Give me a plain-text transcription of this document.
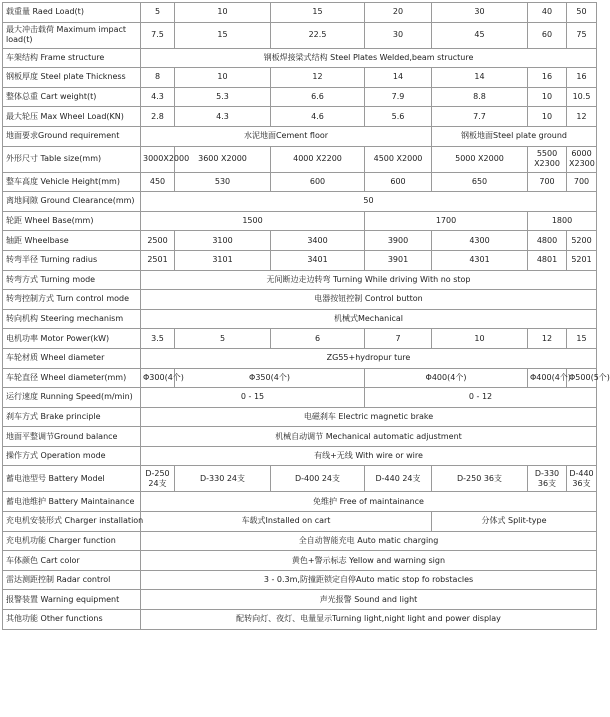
载重量 Raed Load(t)	5	10	15	20	30	40	50
最大冲击载荷 Maximum impact load(t)	7.5	15	22.5	30	45	60	75
车架结构 Frame structure	钢板焊接梁式结构 Steel Plates Welded,beam structure						
钢板厚度 Steel plate Thickness	8	10	12	14	14	16	16
整体总重 Cart weight(t)	4.3	5.3	6.6	7.9	8.8	10	10.5
最大轮压 Max Wheel Load(KN)	2.8	4.3	4.6	5.6	7.7	10	12
地面要求Ground requirement	水泥地面Cement floor				钢板地面Steel plate ground		
外形尺寸 Table size(mm)	3000X2000	3600 X2000	4000 X2200	4500 X2000	5000 X2000	5500 X2300	6000 X2300
整车高度 Vehicle Height(mm)	450	530	600	600	650	700	700
离地间隙 Ground Clearance(mm)	50						
轮距 Wheel Base(mm)	1500			1700		1800	
轴距 Wheelbase	2500	3100	3400	3900	4300	4800	5200
转弯半径 Turning radius	2501	3101	3401	3901	4301	4801	5201
转弯方式 Turning mode	无间断边走边转弯 Turning While driving With no stop						
转弯控制方式 Turn control mode	电器按钮控制 Control button						
转向机构 Steering mechanism	机械式Mechanical						
电机功率 Motor Power(kW)	3.5	5	6	7	10	12	15
车轮材质 Wheel diameter	ZG55+hydropur ture						
车轮直径 Wheel diameter(mm)	Φ300(4个)	Φ350(4个)		Φ400(4个)		Φ400(4个)	Φ500(5个)
运行速度 Running Speed(m/min)	0 - 15			0 - 12			
刹车方式 Brake principle	电磁刹车 Electric magnetic brake						
地面平整调节Ground balance	机械自动调节 Mechanical automatic adjustment						
操作方式 Operation mode	有线+无线 With wire or wire						
蓄电池型号 Battery Model	D-250 24支	D-330 24支	D-400 24支	D-440 24支	D-250 36支	D-330 36支	D-440 36支
蓄电池维护 Battery Maintainance	免维护 Free of maintainance						
充电机安装形式 Charger installation	车载式Installed on cart				分体式 Split-type		
充电机功能 Charger function	全自动智能充电 Auto matic charging						
车体颜色 Cart color	黄色+警示标志 Yellow and warning sign						
雷达测距控制 Radar control	3 - 0.3m,防撞距锁定自停Auto matic stop fo robstacles						
报警装置 Warning equipment	声光报警 Sound and light						
其他功能 Other functions	配转向灯、夜灯、电量显示Turning light,night light and power display						
